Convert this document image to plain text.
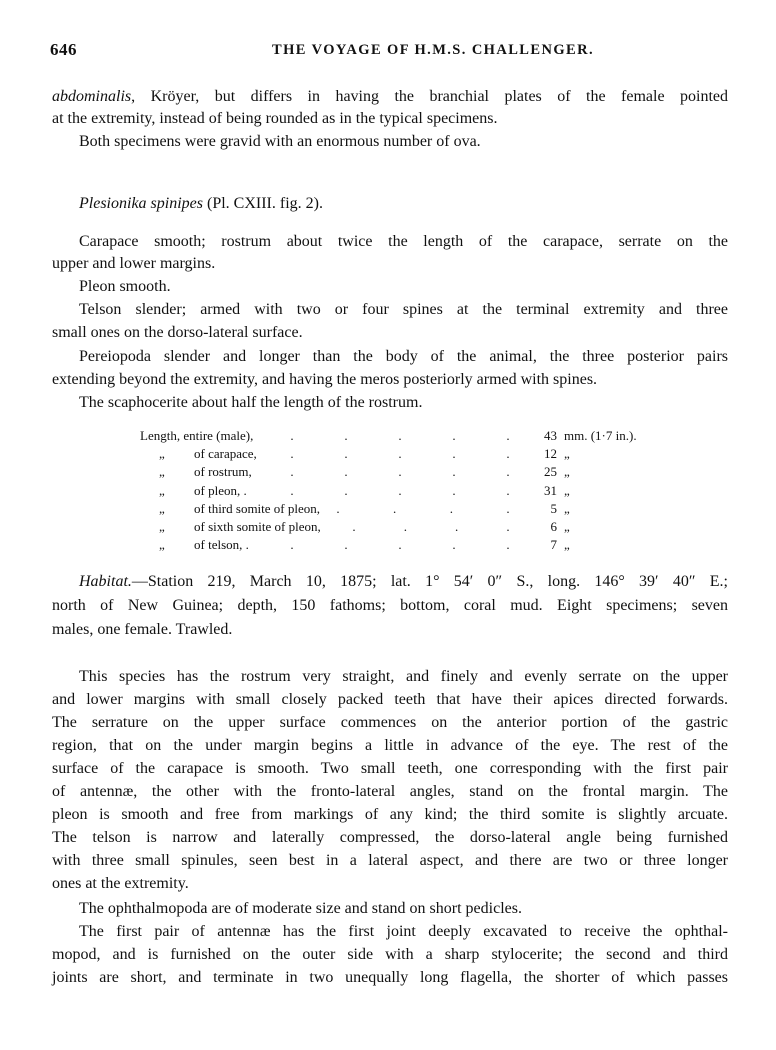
646	THE VOYAGE OF H.M.S. CHALLENGER.
abdominalis, Kröyer, but differs in having the branchial plates of the female pointed
at the extremity, instead of being rounded as in the typical specimens.
Both specimens were gravid with an enormous number of ova.
Plesionika spinipes (Pl. CXIII. fig. 2).
Carapace smooth; rostrum about twice the length of the carapace, serrate on the
upper and lower margins.
Pleon smooth.
Telson slender; armed with two or four spines at the terminal extremity and three
small ones on the dorso-lateral surface.
Pereiopoda slender and longer than the body of the animal, the three posterior pairs
extending beyond the extremity, and having the meros posteriorly armed with spines.
The scaphocerite about half the length of the rostrum.
Length, entire (male),	.	.	.	.	.	43 mm. (1·7 in.).
„ of carapace,	.	.	.	.	.	12 „
„ of rostrum,	.	.	.	.	.	25 „
„ of pleon, .	.	.	.	.	.	31 „
„ of third somite of pleon, .	.	.	.	5 „
„ of sixth somite of pleon, .	.	.	.	6 „
„ of telson, .	.	.	.	.	.	7 „
Habitat.—Station 219, March 10, 1875; lat. 1° 54′ 0″ S., long. 146° 39′ 40″ E.;
north of New Guinea; depth, 150 fathoms; bottom, coral mud. Eight specimens; seven
males, one female. Trawled.
This species has the rostrum very straight, and finely and evenly serrate on the upper
and lower margins with small closely packed teeth that have their apices directed forwards.
The serrature on the upper surface commences on the anterior portion of the gastric
region, that on the under margin begins a little in advance of the eye. The rest of the
surface of the carapace is smooth. Two small teeth, one corresponding with the first pair
of antennæ, the other with the fronto-lateral angles, stand on the frontal margin. The
pleon is smooth and free from markings of any kind; the third somite is slightly arcuate.
The telson is narrow and laterally compressed, the dorso-lateral angle being furnished
with three small spinules, seen best in a lateral aspect, and there are two or three longer
ones at the extremity.
The ophthalmopoda are of moderate size and stand on short pedicles.
The first pair of antennæ has the first joint deeply excavated to receive the ophthal-
mopod, and is furnished on the outer side with a sharp stylocerite; the second and third
joints are short, and terminate in two unequally long flagella, the shorter of which passes
